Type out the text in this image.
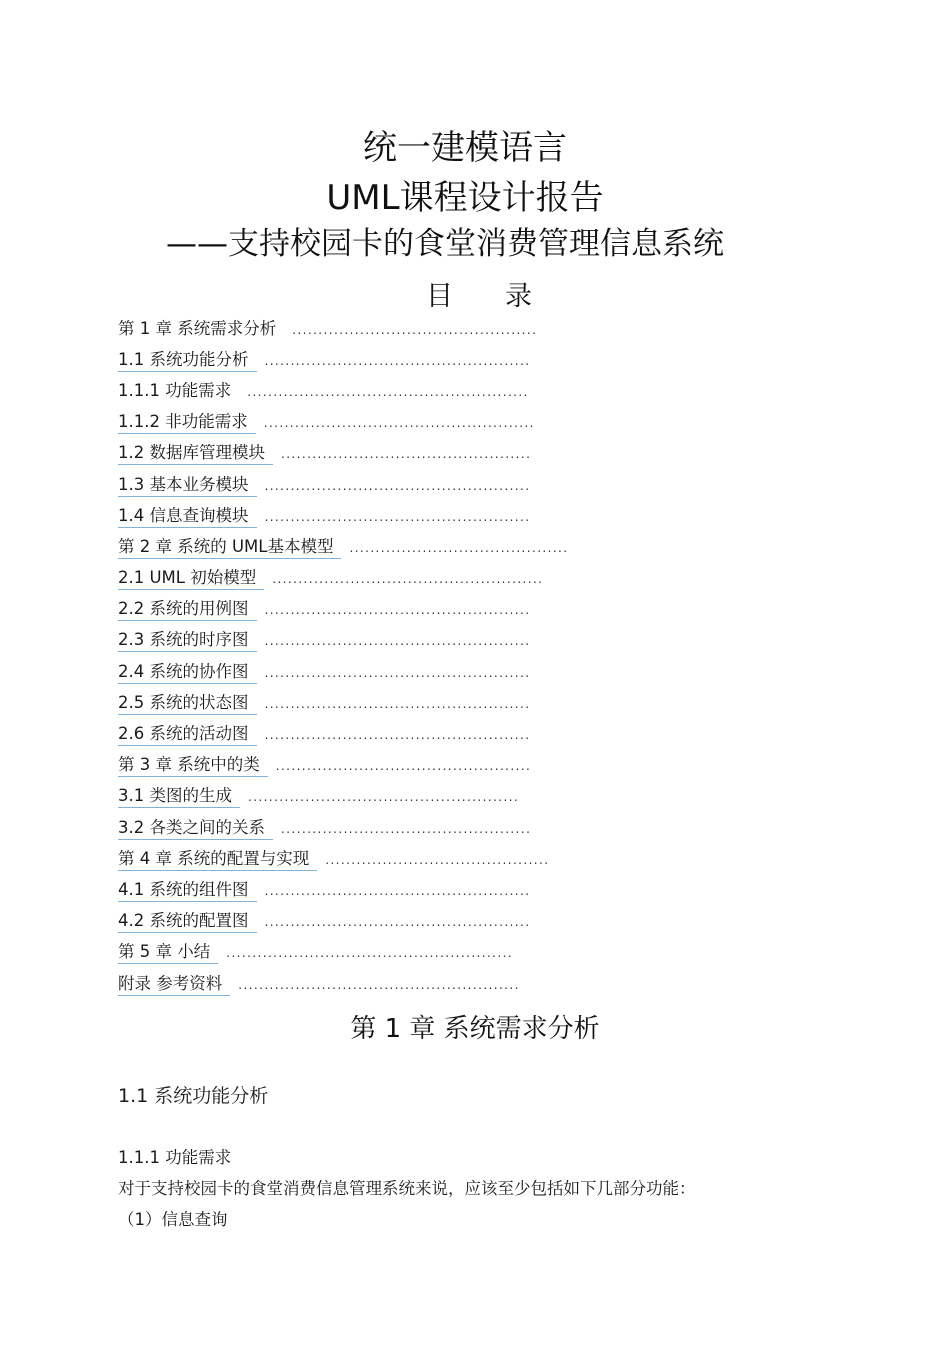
统一建模语言
UML课程设计报告
——支持校园卡的食堂消费管理信息系统
目 录
第 1 章 系统需求分析	...............................................
1.1 系统功能分析	...................................................
1.1.1 功能需求	......................................................
1.1.2 非功能需求	....................................................
1.2 数据库管理模块	................................................
1.3 基本业务模块	...................................................
1.4 信息查询模块	...................................................
第 2 章 系统的 UML基本模型	..........................................
2.1 UML 初始模型	....................................................
2.2 系统的用例图	...................................................
2.3 系统的时序图	...................................................
2.4 系统的协作图	...................................................
2.5 系统的状态图	...................................................
2.6 系统的活动图	...................................................
第 3 章 系统中的类	.................................................
3.1 类图的生成	....................................................
3.2 各类之间的关系	................................................
第 4 章 系统的配置与实现	...........................................
4.1 系统的组件图	...................................................
4.2 系统的配置图	...................................................
第 5 章 小结	.......................................................
附录 参考资料	......................................................
第 1 章 系统需求分析
1.1 系统功能分析
1.1.1 功能需求
对于支持校园卡的食堂消费信息管理系统来说，应该至少包括如下几部分功能：
（1）信息查询
